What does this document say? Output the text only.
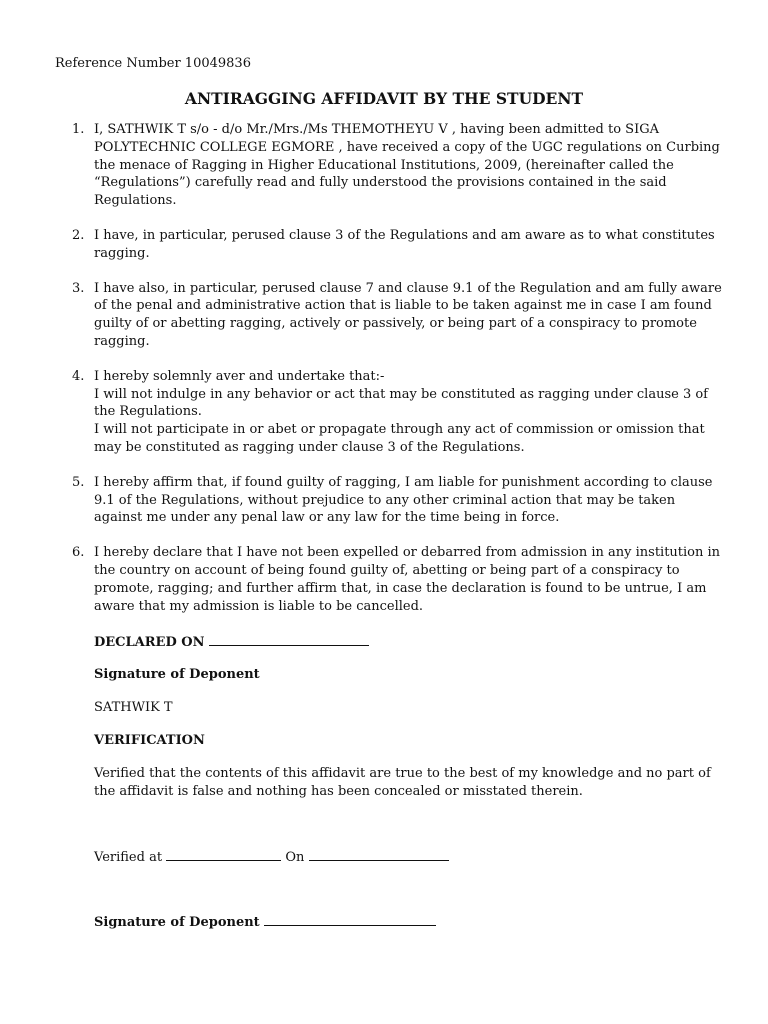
Reference Number 10049836
ANTIRAGGING AFFIDAVIT BY THE STUDENT
1. I, SATHWIK T s/o - d/o Mr./Mrs./Ms THEMOTHEYU V , having been admitted to SIGA
POLYTECHNIC COLLEGE EGMORE , have received a copy of the UGC regulations on Curbing
the menace of Ragging in Higher Educational Institutions, 2009, (hereinafter called the
“Regulations”) carefully read and fully understood the provisions contained in the said
Regulations.
2. I have, in particular, perused clause 3 of the Regulations and am aware as to what constitutes
ragging.
3. I have also, in particular, perused clause 7 and clause 9.1 of the Regulation and am fully aware
of the penal and administrative action that is liable to be taken against me in case I am found
guilty of or abetting ragging, actively or passively, or being part of a conspiracy to promote
ragging.
4. I hereby solemnly aver and undertake that:-
I will not indulge in any behavior or act that may be constituted as ragging under clause 3 of
the Regulations.
I will not participate in or abet or propagate through any act of commission or omission that
may be constituted as ragging under clause 3 of the Regulations.
5. I hereby affirm that, if found guilty of ragging, I am liable for punishment according to clause
9.1 of the Regulations, without prejudice to any other criminal action that may be taken
against me under any penal law or any law for the time being in force.
6. I hereby declare that I have not been expelled or debarred from admission in any institution in
the country on account of being found guilty of, abetting or being part of a conspiracy to
promote, ragging; and further affirm that, in case the declaration is found to be untrue, I am
aware that my admission is liable to be cancelled.
DECLARED ON
Signature of Deponent
SATHWIK T
VERIFICATION
Verified that the contents of this affidavit are true to the best of my knowledge and no part of
the affidavit is false and nothing has been concealed or misstated therein.
Verified at	On
Signature of Deponent
